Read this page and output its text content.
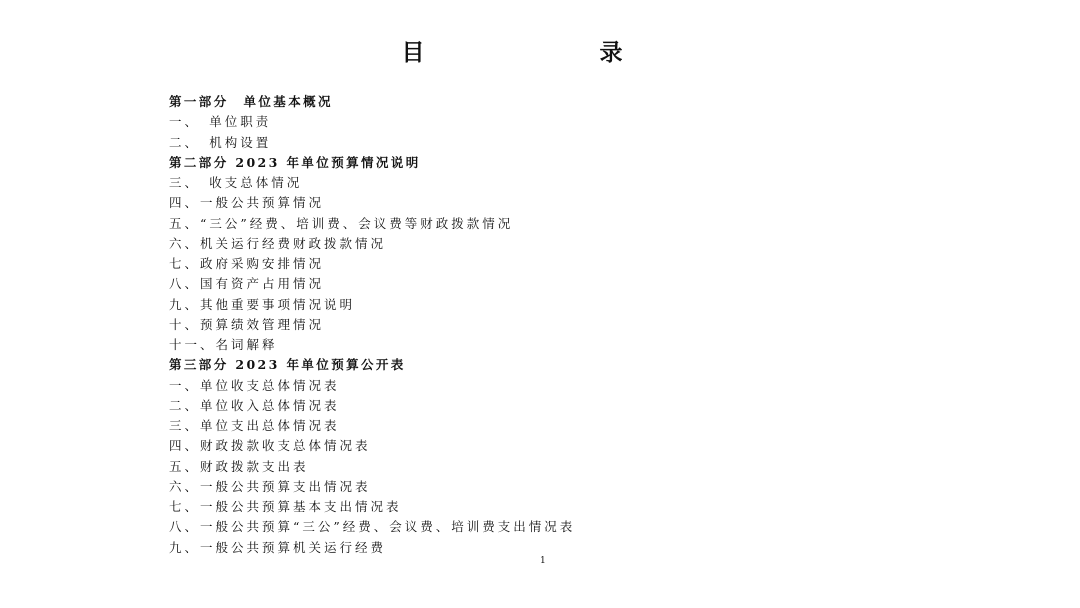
目　录
第一部分　单位基本概况
一、　单位职责
二、　机构设置
第二部分 2023 年单位预算情况说明
三、　收支总体情况
四、一般公共预算情况
五、“三公”经费、培训费、会议费等财政拨款情况
六、机关运行经费财政拨款情况
七、政府采购安排情况
八、国有资产占用情况
九、其他重要事项情况说明
十、预算绩效管理情况
十一、名词解释
第三部分 2023 年单位预算公开表
一、单位收支总体情况表
二、单位收入总体情况表
三、单位支出总体情况表
四、财政拨款收支总体情况表
五、财政拨款支出表
六、一般公共预算支出情况表
七、一般公共预算基本支出情况表
八、一般公共预算“三公”经费、会议费、培训费支出情况表
九、一般公共预算机关运行经费
1
